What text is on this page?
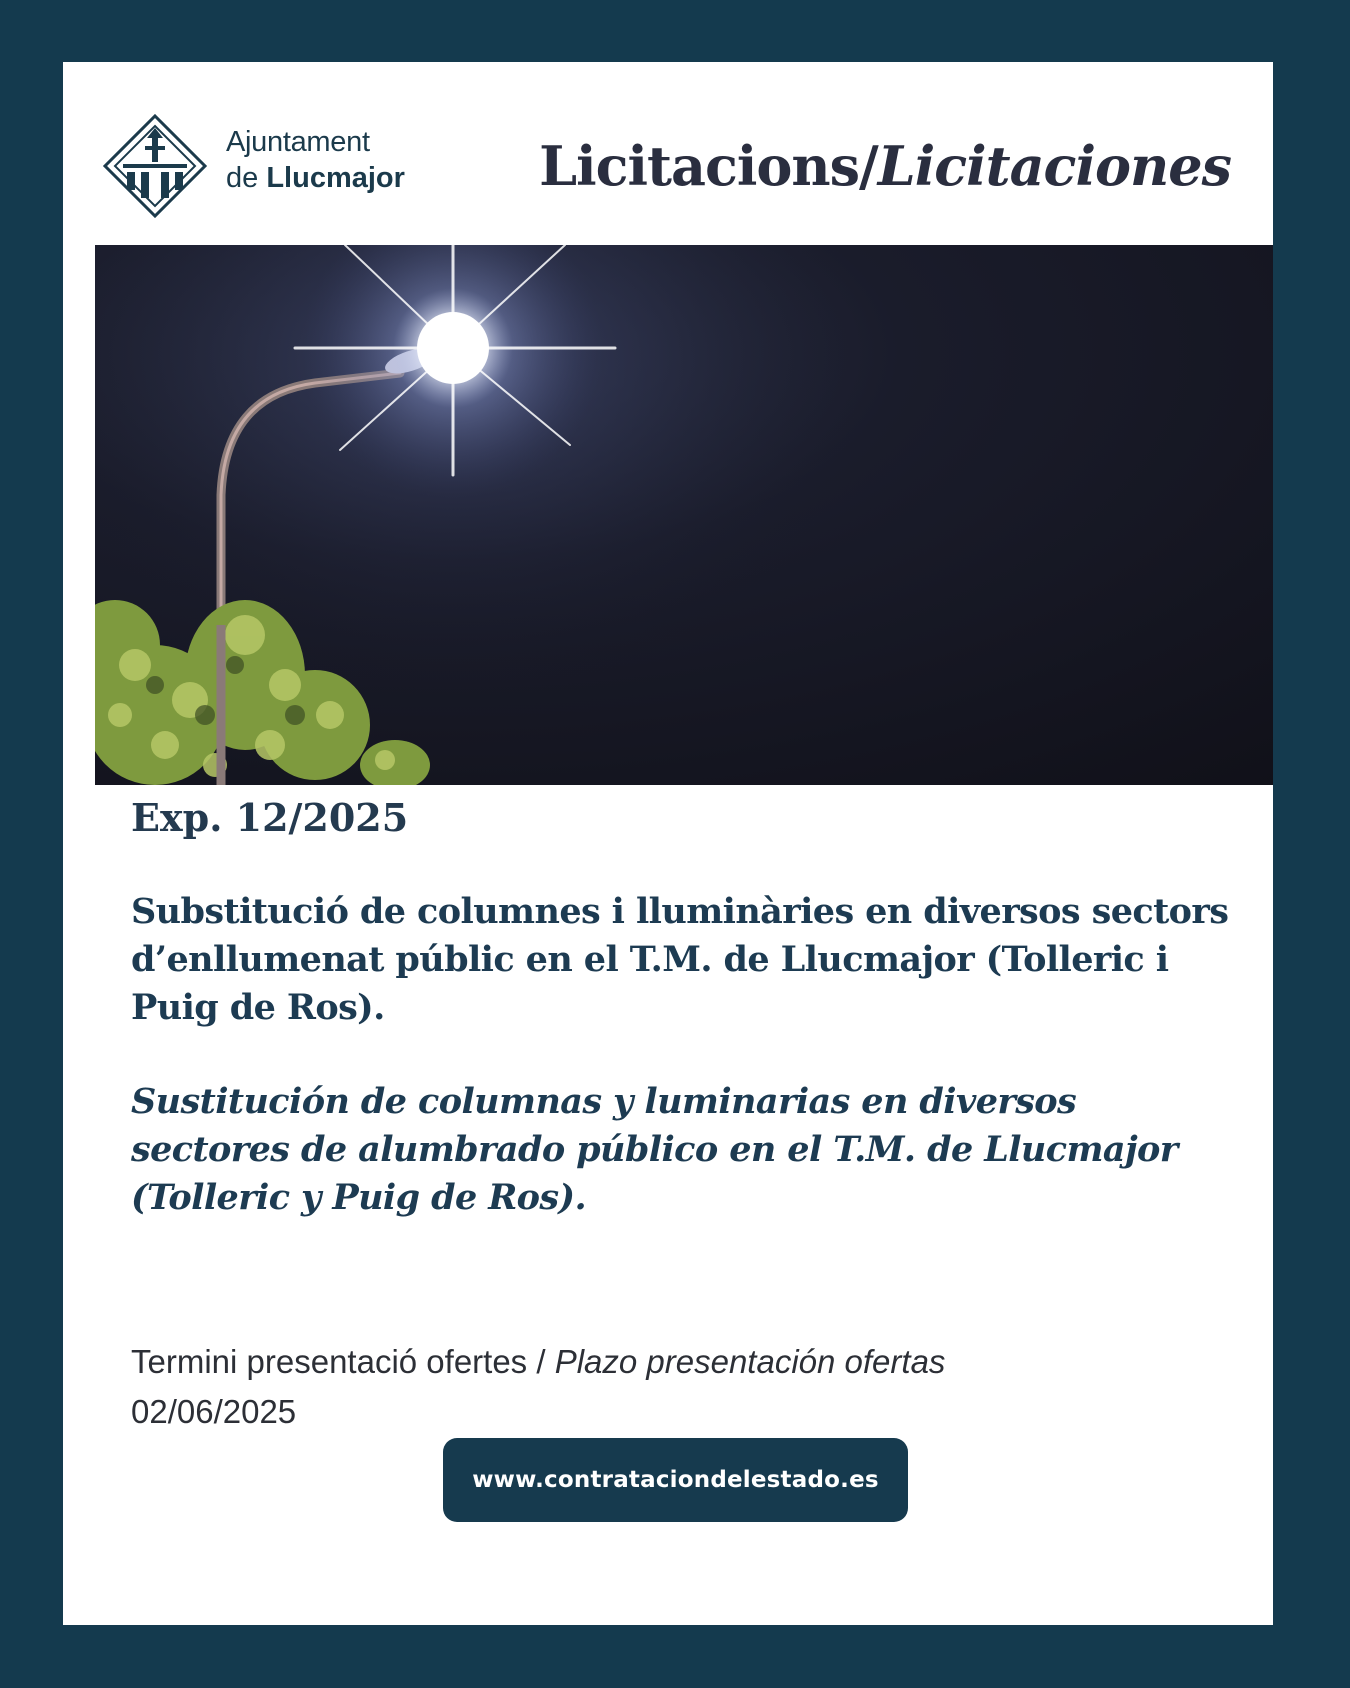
Ajuntament
de Llucmajor Licitacions/Licitaciones
Exp. 12/2025

Substitució de columnes i lluminàries en diversos sectors d’enllumenat públic en el T.M. de Llucmajor (Tolleric i Puig de Ros).

Sustitución de columnas y luminarias en diversos sectores de alumbrado público en el T.M. de Llucmajor (Tolleric y Puig de Ros).

Termini presentació ofertes / Plazo presentación ofertas
02/06/2025
www.contrataciondelestado.es
